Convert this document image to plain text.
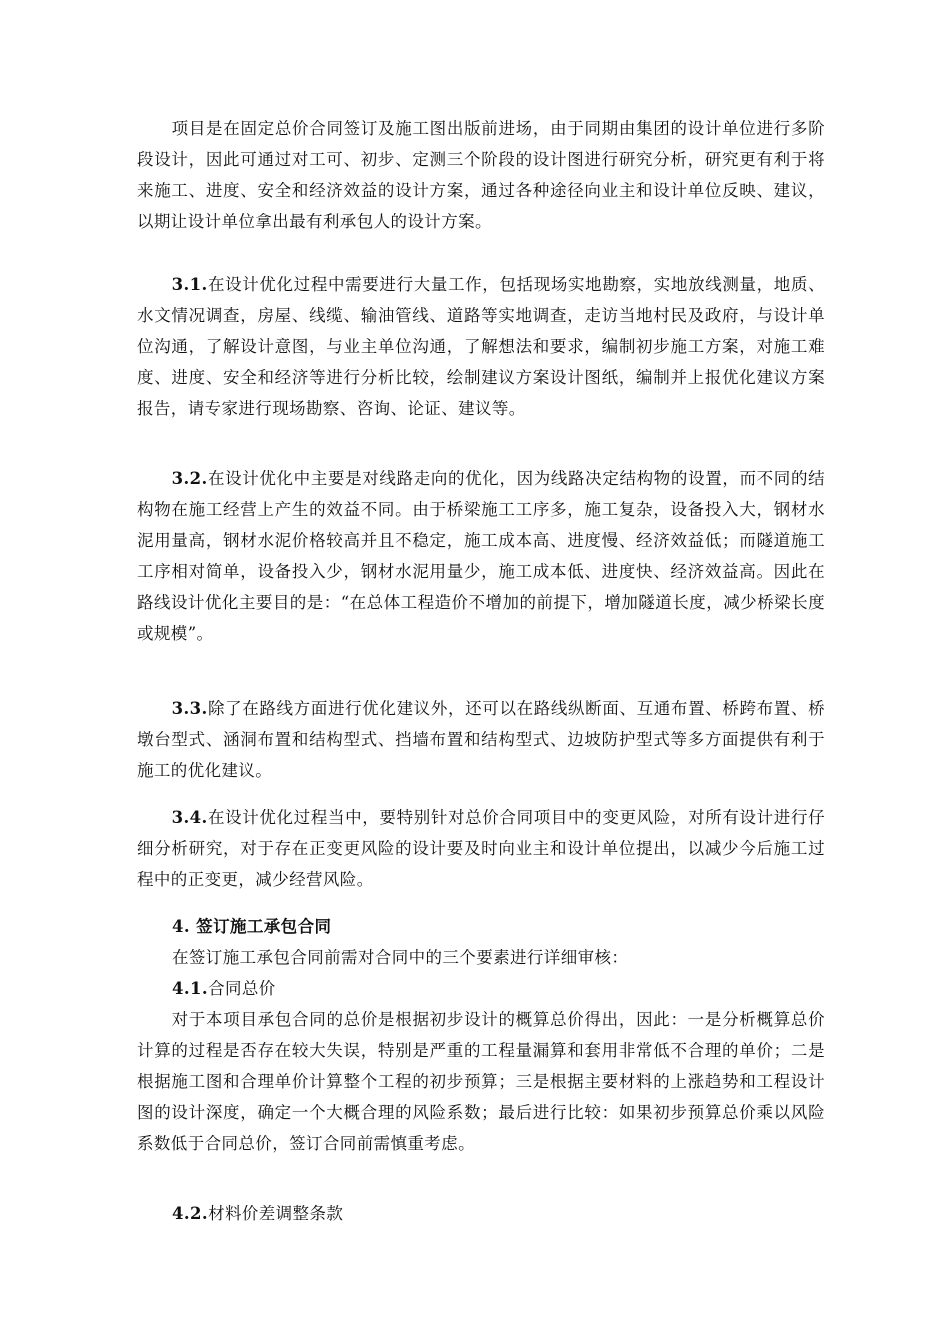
项目是在固定总价合同签订及施工图出版前进场，由于同期由集团的设计单位进行多阶段设计，因此可通过对工可、初步、定测三个阶段的设计图进行研究分析，研究更有利于将来施工、进度、安全和经济效益的设计方案，通过各种途径向业主和设计单位反映、建议，以期让设计单位拿出最有利承包人的设计方案。

3.1.在设计优化过程中需要进行大量工作，包括现场实地勘察，实地放线测量，地质、水文情况调查，房屋、线缆、输油管线、道路等实地调查，走访当地村民及政府，与设计单位沟通，了解设计意图，与业主单位沟通，了解想法和要求，编制初步施工方案，对施工难度、进度、安全和经济等进行分析比较，绘制建议方案设计图纸，编制并上报优化建议方案报告，请专家进行现场勘察、咨询、论证、建议等。

3.2.在设计优化中主要是对线路走向的优化，因为线路决定结构物的设置，而不同的结构物在施工经营上产生的效益不同。由于桥梁施工工序多，施工复杂，设备投入大，钢材水泥用量高，钢材水泥价格较高并且不稳定，施工成本高、进度慢、经济效益低；而隧道施工工序相对简单，设备投入少，钢材水泥用量少，施工成本低、进度快、经济效益高。因此在路线设计优化主要目的是：“在总体工程造价不增加的前提下，增加隧道长度，减少桥梁长度或规模”。

3.3.除了在路线方面进行优化建议外，还可以在路线纵断面、互通布置、桥跨布置、桥墩台型式、涵洞布置和结构型式、挡墙布置和结构型式、边坡防护型式等多方面提供有利于施工的优化建议。

3.4.在设计优化过程当中，要特别针对总价合同项目中的变更风险，对所有设计进行仔细分析研究，对于存在正变更风险的设计要及时向业主和设计单位提出，以减少今后施工过程中的正变更，减少经营风险。

4. 签订施工承包合同

在签订施工承包合同前需对合同中的三个要素进行详细审核：

4.1.合同总价

对于本项目承包合同的总价是根据初步设计的概算总价得出，因此：一是分析概算总价计算的过程是否存在较大失误，特别是严重的工程量漏算和套用非常低不合理的单价；二是根据施工图和合理单价计算整个工程的初步预算；三是根据主要材料的上涨趋势和工程设计图的设计深度，确定一个大概合理的风险系数；最后进行比较：如果初步预算总价乘以风险系数低于合同总价，签订合同前需慎重考虑。

4.2.材料价差调整条款
